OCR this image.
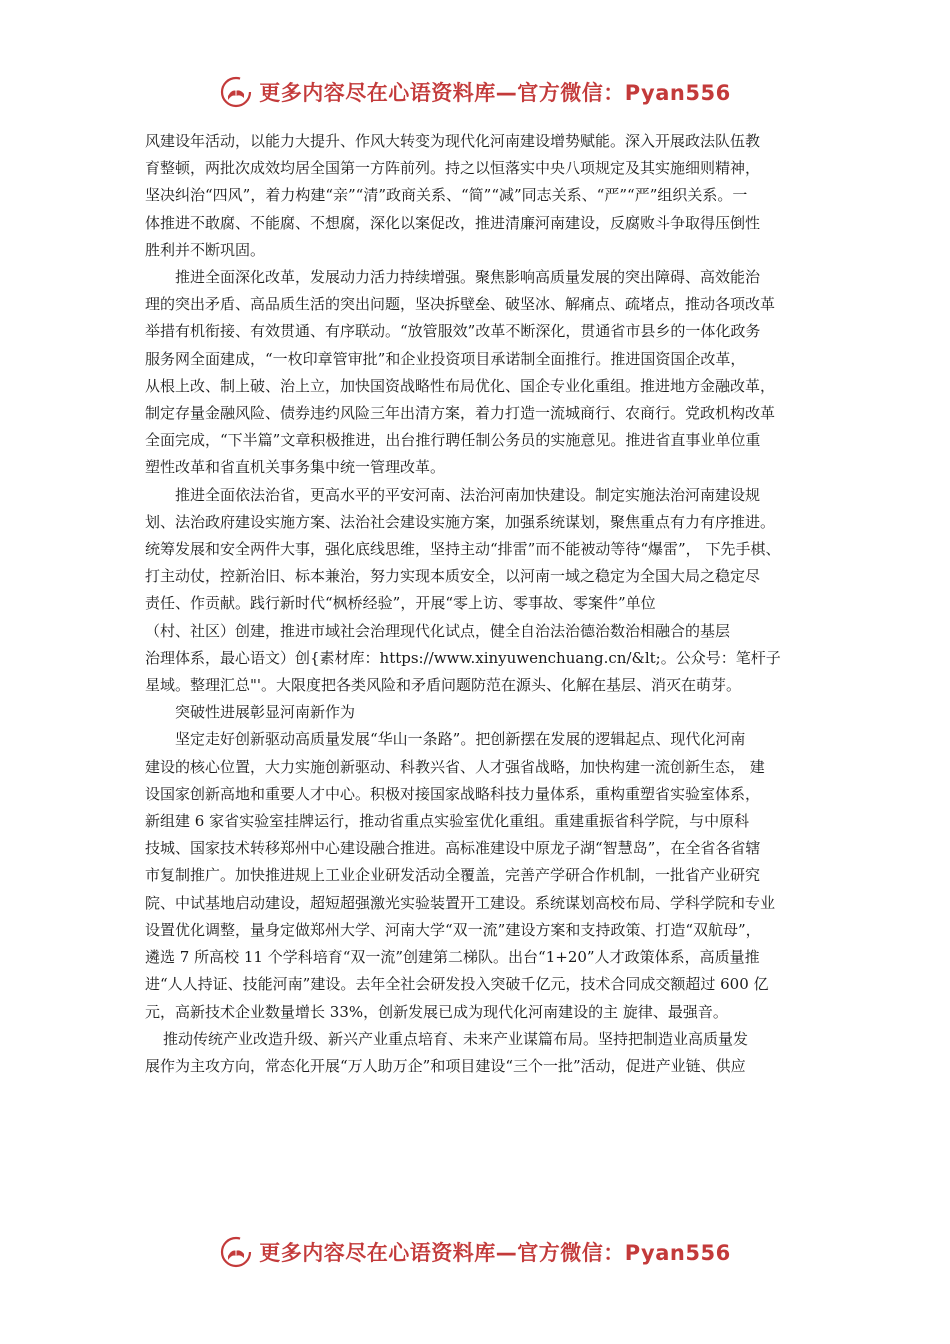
更多内容尽在心语资料库—官方微信：Pyan556

风建设年活动，以能力大提升、作风大转变为现代化河南建设增势赋能。深入开展政法队伍教

育整顿，两批次成效均居全国第一方阵前列。持之以恒落实中央八项规定及其实施细则精神，

坚决纠治“四风”，着力构建“亲”“清”政商关系、“简”“减”同志关系、“严”“严”组织关系。一

体推进不敢腐、不能腐、不想腐，深化以案促改，推进清廉河南建设，反腐败斗争取得压倒性

胜利并不断巩固。

推进全面深化改革，发展动力活力持续增强。聚焦影响高质量发展的突出障碍、高效能治

理的突出矛盾、高品质生活的突出问题，坚决拆壁垒、破坚冰、解痛点、疏堵点，推动各项改革

举措有机衔接、有效贯通、有序联动。“放管服效”改革不断深化，贯通省市县乡的一体化政务

服务网全面建成，“一枚印章管审批”和企业投资项目承诺制全面推行。推进国资国企改革，

从根上改、制上破、治上立，加快国资战略性布局优化、国企专业化重组。推进地方金融改革，

制定存量金融风险、债券违约风险三年出清方案，着力打造一流城商行、农商行。党政机构改革

全面完成，“下半篇”文章积极推进，出台推行聘任制公务员的实施意见。推进省直事业单位重

塑性改革和省直机关事务集中统一管理改革。

推进全面依法治省，更高水平的平安河南、法治河南加快建设。制定实施法治河南建设规

划、法治政府建设实施方案、法治社会建设实施方案，加强系统谋划，聚焦重点有力有序推进。

统筹发展和安全两件大事，强化底线思维，坚持主动“排雷”而不能被动等待“爆雷”， 下先手棋、

打主动仗，控新治旧、标本兼治，努力实现本质安全，以河南一域之稳定为全国大局之稳定尽

责任、作贡献。践行新时代“枫桥经验”，开展“零上访、零事故、零案件”单位

（村、社区）创建，推进市域社会治理现代化试点，健全自治法治德治数治相融合的基层

治理体系，最心语文）创{素材库：https://www.xinyuwenchuang.cn/&lt;。公众号：笔杆子

星域。整理汇总"'。大限度把各类风险和矛盾问题防范在源头、化解在基层、消灭在萌芽。

突破性进展彰显河南新作为

坚定走好创新驱动高质量发展“华山一条路”。把创新摆在发展的逻辑起点、现代化河南

建设的核心位置，大力实施创新驱动、科教兴省、人才强省战略，加快构建一流创新生态， 建

设国家创新高地和重要人才中心。积极对接国家战略科技力量体系，重构重塑省实验室体系，

新组建 6 家省实验室挂牌运行，推动省重点实验室优化重组。重建重振省科学院，与中原科

技城、国家技术转移郑州中心建设融合推进。高标准建设中原龙子湖“智慧岛”，在全省各省辖

市复制推广。加快推进规上工业企业研发活动全覆盖，完善产学研合作机制，一批省产业研究

院、中试基地启动建设，超短超强激光实验装置开工建设。系统谋划高校布局、学科学院和专业

设置优化调整，量身定做郑州大学、河南大学“双一流”建设方案和支持政策、打造“双航母”，

遴选 7 所高校 11 个学科培育“双一流”创建第二梯队。出台“1+20”人才政策体系，高质量推

进“人人持证、技能河南”建设。去年全社会研发投入突破千亿元，技术合同成交额超过 600 亿

元，高新技术企业数量增长 33%，创新发展已成为现代化河南建设的主 旋律、最强音。

推动传统产业改造升级、新兴产业重点培育、未来产业谋篇布局。坚持把制造业高质量发

展作为主攻方向，常态化开展“万人助万企”和项目建设“三个一批”活动，促进产业链、供应

更多内容尽在心语资料库—官方微信：Pyan556
